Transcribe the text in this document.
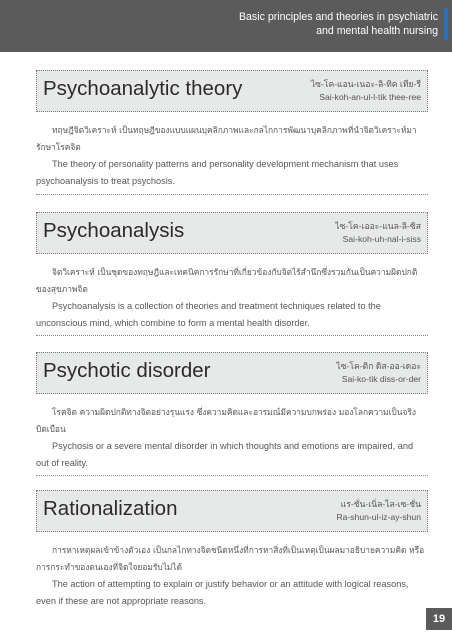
Basic principles and theories in psychiatric
and mental health nursing
Psychoanalytic theory	ไซ-โค-แอน-เนอะ-ลิ-ทิค เทีย-รี
Sai-koh-an-ul-l-tik thee-ree

ทฤษฎีจิตวิเคราะห์ เป็นทฤษฎีของแบบแผนบุคลิกภาพและกลไกการพัฒนาบุคลิกภาพที่นำจิตวิเคราะห์มารักษาโรคจิต

The theory of personality patterns and personality development mechanism that uses psychoanalysis to treat psychosis.

Psychoanalysis	ไซ-โค-เออะ-แนล-ลิ-ซิส
Sai-koh-uh-nal-i-siss

จิตวิเคราะห์ เป็นชุดของทฤษฎีและเทคนิคการรักษาที่เกี่ยวข้องกับจิตไร้สำนึกซึ่งรวมกันเป็นความผิดปกติของสุขภาพจิต

Psychoanalysis is a collection of theories and treatment techniques related to the unconscious mind, which combine to form a mental health disorder.

Psychotic disorder	ไซ-โค-ติก ดิส-ออ-เดอะ
Sai-ko-tik diss-or-der

โรคจิต ความผิดปกติทางจิตอย่างรุนแรง ซึ่งความคิดและอารมณ์มีความบกพร่อง มองโลกความเป็นจริงบิดเบือน

Psychosis or a severe mental disorder in which thoughts and emotions are impaired, and out of reality.

Rationalization	แร-ชั่น-เนิ่ล-ไล-เซ-ชั่น
Ra-shun-ul-iz-ay-shun

การหาเหตุผลเข้าข้างตัวเอง เป็นกลไกทางจิตชนิดหนึ่งที่การหาสิ่งที่เป็นเหตุเป็นผลมาอธิบายความคิด หรือการกระทำของตนเองที่จิตใจยอมรับไม่ได้

The action of attempting to explain or justify behavior or an attitude with logical reasons, even if these are not appropriate reasons.

19
